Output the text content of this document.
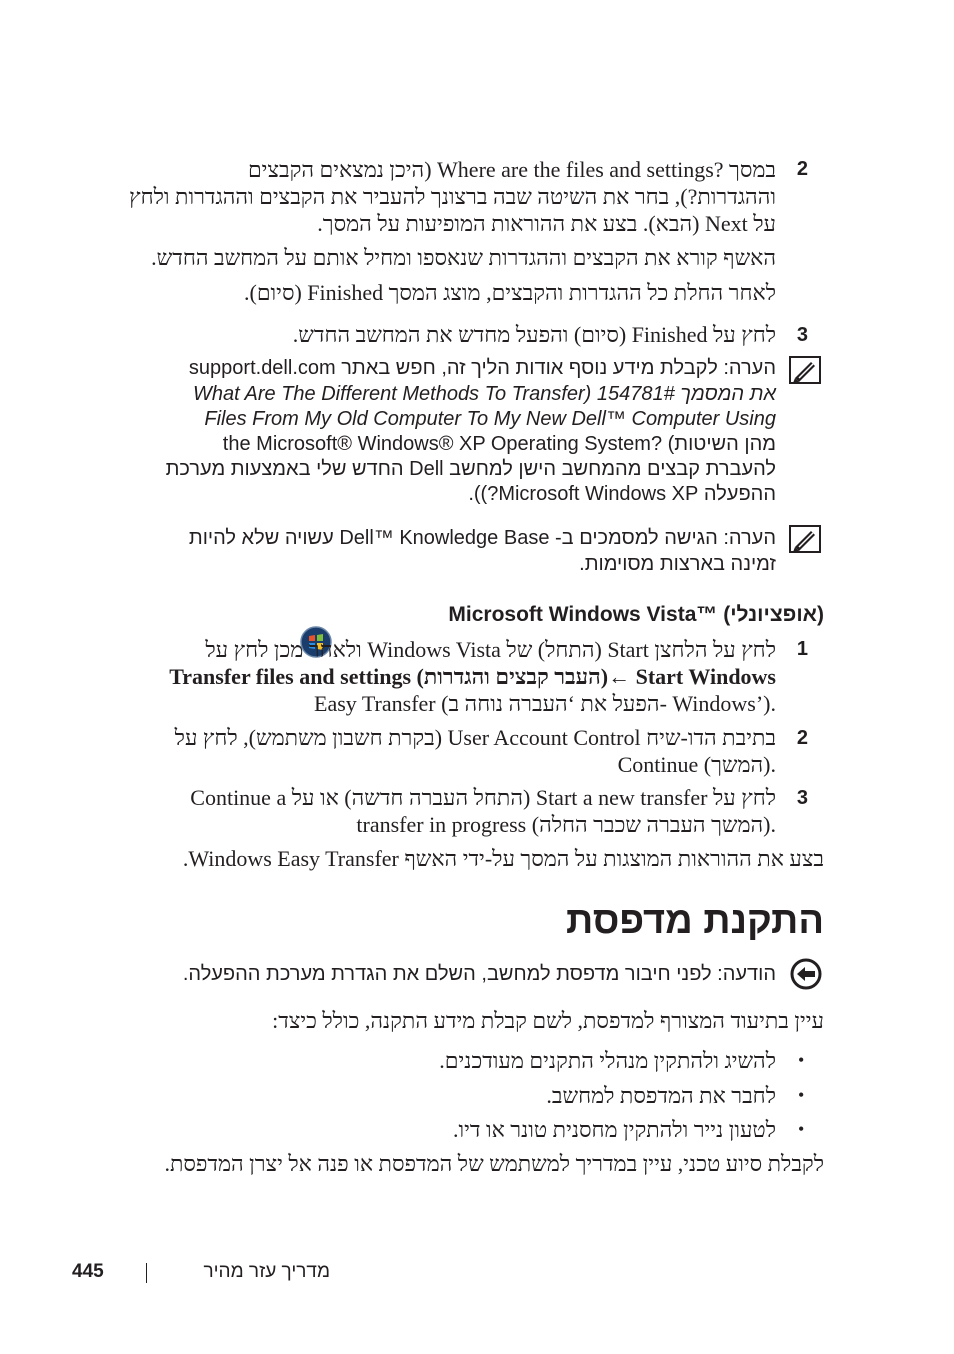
2
במסך ?Where are the files and settings (היכן נמצאים הקבצים
וההגדרות?), בחר את השיטה שבה ברצונך להעביר את הקבצים וההגדרות ולחץ
על Next (הבא). בצע את ההוראות המופיעות על המסך.
האשף קורא את הקבצים וההגדרות שנאספו ומחיל אותם על המחשב החדש.
לאחר החלת כל ההגדרות והקבצים, מוצג המסך Finished (סיום).
3
לחץ על Finished (סיום) והפעל מחדש את המחשב החדש.
הערה: לקבלת מידע נוסף אודות הליך זה, חפש באתר support.dell.com
את המסמך 154781# (What Are The Different Methods To Transfer
Files From My Old Computer To My New Dell™ Computer Using
the Microsoft® Windows® XP Operating System? (מהן השיטות
להעברת קבצים מהמחשב הישן למחשב Dell החדש שלי באמצעות מערכת
ההפעלה Microsoft Windows XP?)).
הערה: הגישה למסמכים ב- Dell™ Knowledge Base עשויה שלא להיות
זמינה בארצות מסוימות.
Microsoft Windows Vista™ (אופציונלי)
1
לחץ על הלחצן Start (התחל) של Windows Vista ולאחר מכן לחץ על
Transfer files and settings (העבר קבצים והגדרות)← Start Windows
Easy Transfer (הפעל את ‘העברה נוחה ב- Windows’).
2
בתיבת הדו-שיח User Account Control (בקרת חשבון משתמש), לחץ על
Continue (המשך).
3
לחץ על Start a new transfer (התחל העברה חדשה) או על Continue a
transfer in progress (המשך העברה שכבר החלה).
בצע את ההוראות המוצגות על המסך על-ידי האשף Windows Easy Transfer.
התקנת מדפסת
הודעה: לפני חיבור מדפסת למחשב, השלם את הגדרת מערכת ההפעלה.
עיין בתיעוד המצורף למדפסת, לשם קבלת מידע התקנה, כולל כיצד:
•
להשיג ולהתקין מנהלי התקנים מעודכנים.
•
לחבר את המדפסת למחשב.
•
לטעון נייר ולהתקין מחסנית טונר או דיו.
לקבלת סיוע טכני, עיין במדריך למשתמש של המדפסת או פנה אל יצרן המדפסת.
445	מדריך עזר מהיר
